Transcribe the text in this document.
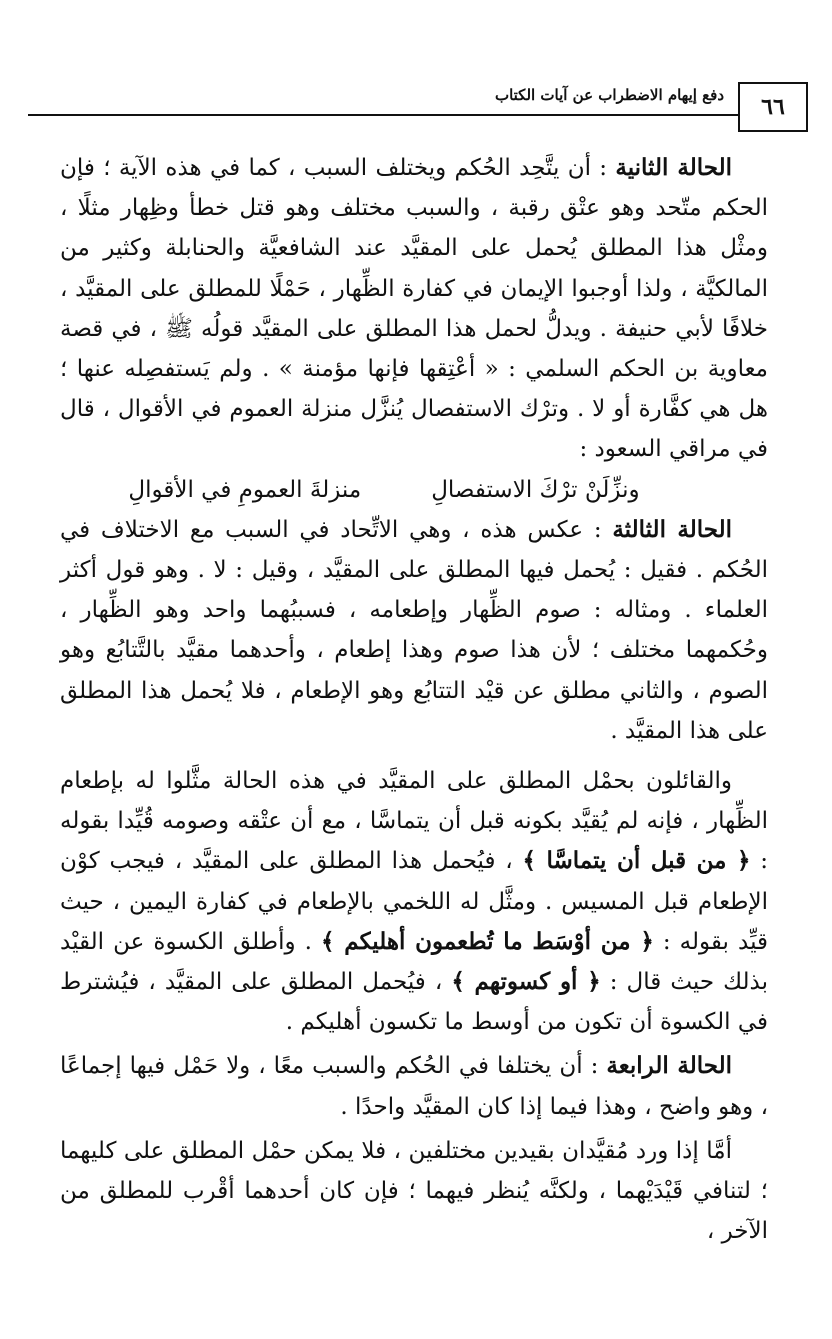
٦٦
دفع إيهام الاضطراب عن آيات الكتاب

الحالة الثانية : أن يتَّحِد الحُكم ويختلف السبب ، كما في هذه الآية ؛ فإن الحكم متّحد وهو عتْق رقبة ، والسبب مختلف وهو قتل خطأ وظِهار مثلًا ، ومثْل هذا المطلق يُحمل على المقيَّد عند الشافعيَّة والحنابلة وكثير من المالكيَّة ، ولذا أوجبوا الإيمان في كفارة الظِّهار ، حَمْلًا للمطلق على المقيَّد ، خلافًا لأبي حنيفة . ويدلُّ لحمل هذا المطلق على المقيَّد قولُه ﷺ ، في قصة معاوية بن الحكم السلمي : « أعْتِقها فإنها مؤمنة » . ولم يَستفصِله عنها ؛ هل هي كفَّارة أو لا . وترْك الاستفصال يُنزَّل منزلة العموم في الأقوال ، قال في مراقي السعود :

ونزِّلَنْ ترْكَ الاستفصالِمنزلةَ العمومِ في الأقوالِ

الحالة الثالثة : عكس هذه ، وهي الاتِّحاد في السبب مع الاختلاف في الحُكم . فقيل : يُحمل فيها المطلق على المقيَّد ، وقيل : لا . وهو قول أكثر العلماء . ومثاله : صوم الظِّهار وإطعامه ، فسببُهما واحد وهو الظِّهار ، وحُكمهما مختلف ؛ لأن هذا صوم وهذا إطعام ، وأحدهما مقيَّد بالتَّتابُع وهو الصوم ، والثاني مطلق عن قيْد التتابُع وهو الإطعام ، فلا يُحمل هذا المطلق على هذا المقيَّد .

والقائلون بحمْل المطلق على المقيَّد في هذه الحالة مثَّلوا له بإطعام الظِّهار ، فإنه لم يُقيَّد بكونه قبل أن يتماسَّا ، مع أن عتْقه وصومه قُيِّدا بقوله : ﴿ من قبل أن يتماسَّا ﴾ ، فيُحمل هذا المطلق على المقيَّد ، فيجب كوْن الإطعام قبل المسيس . ومثَّل له اللخمي بالإطعام في كفارة اليمين ، حيث قيِّد بقوله : ﴿ من أوْسَط ما تُطعمون أهليكم ﴾ . وأطلق الكسوة عن القيْد بذلك حيث قال : ﴿ أو كسوتهم ﴾ ، فيُحمل المطلق على المقيَّد ، فيُشترط في الكسوة أن تكون من أوسط ما تكسون أهليكم .

الحالة الرابعة : أن يختلفا في الحُكم والسبب معًا ، ولا حَمْل فيها إجماعًا ، وهو واضح ، وهذا فيما إذا كان المقيَّد واحدًا .

أمَّا إذا ورد مُقيَّدان بقيدين مختلفين ، فلا يمكن حمْل المطلق على كليهما ؛ لتنافي قَيْدَيْهما ، ولكنَّه يُنظر فيهما ؛ فإن كان أحدهما أقْرب للمطلق من الآخر ،
